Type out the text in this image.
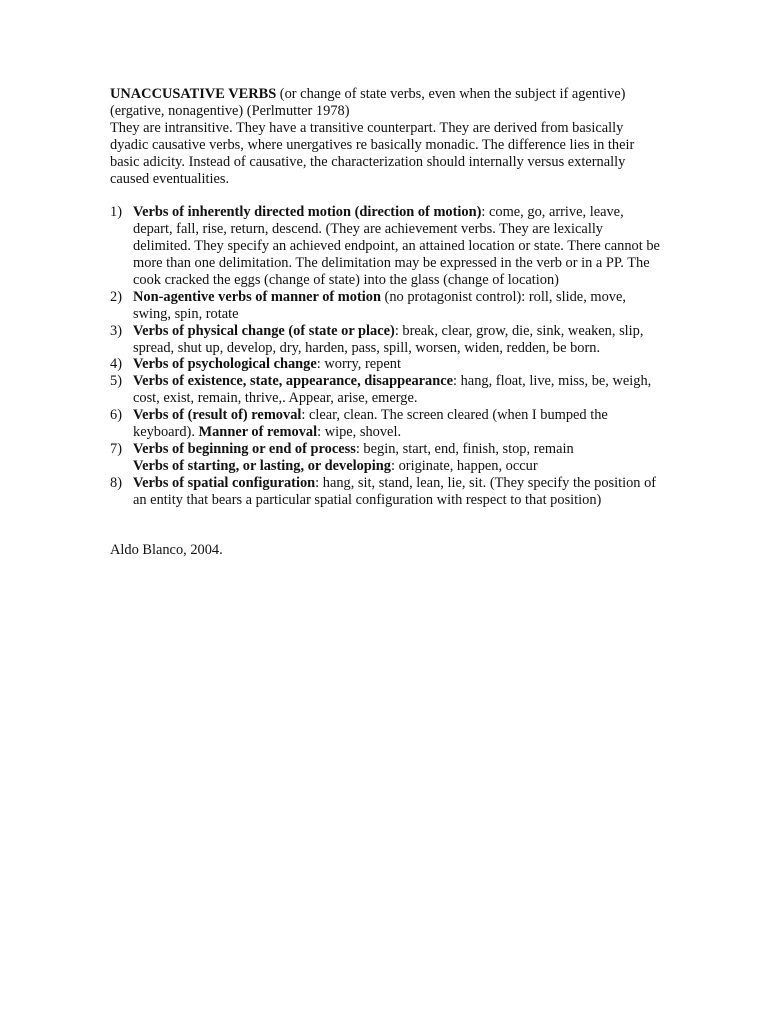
UNACCUSATIVE VERBS (or change of state verbs, even when the subject if agentive) (ergative, nonagentive) (Perlmutter 1978)

They are intransitive. They have a transitive counterpart. They are derived from basically dyadic causative verbs, where unergatives re basically monadic. The difference lies in their basic adicity. Instead of causative, the characterization should internally versus externally caused eventualities.

1) Verbs of inherently directed motion (direction of motion): come, go, arrive, leave, depart, fall, rise, return, descend. (They are achievement verbs. They are lexically delimited. They specify an achieved endpoint, an attained location or state. There cannot be more than one delimitation. The delimitation may be expressed in the verb or in a PP. The cook cracked the eggs (change of state) into the glass (change of location)
2) Non-agentive verbs of manner of motion (no protagonist control): roll, slide, move, swing, spin, rotate
3) Verbs of physical change (of state or place): break, clear, grow, die, sink, weaken, slip, spread, shut up, develop, dry, harden, pass, spill, worsen, widen, redden, be born.
4) Verbs of psychological change: worry, repent
5) Verbs of existence, state, appearance, disappearance: hang, float, live, miss, be, weigh, cost, exist, remain, thrive,. Appear, arise, emerge.
6) Verbs of (result of) removal: clear, clean. The screen cleared (when I bumped the keyboard). Manner of removal: wipe, shovel.
7) Verbs of beginning or end of process: begin, start, end, finish, stop, remain
Verbs of starting, or lasting, or developing: originate, happen, occur
8) Verbs of spatial configuration: hang, sit, stand, lean, lie, sit. (They specify the position of an entity that bears a particular spatial configuration with respect to that position)

Aldo Blanco, 2004.
